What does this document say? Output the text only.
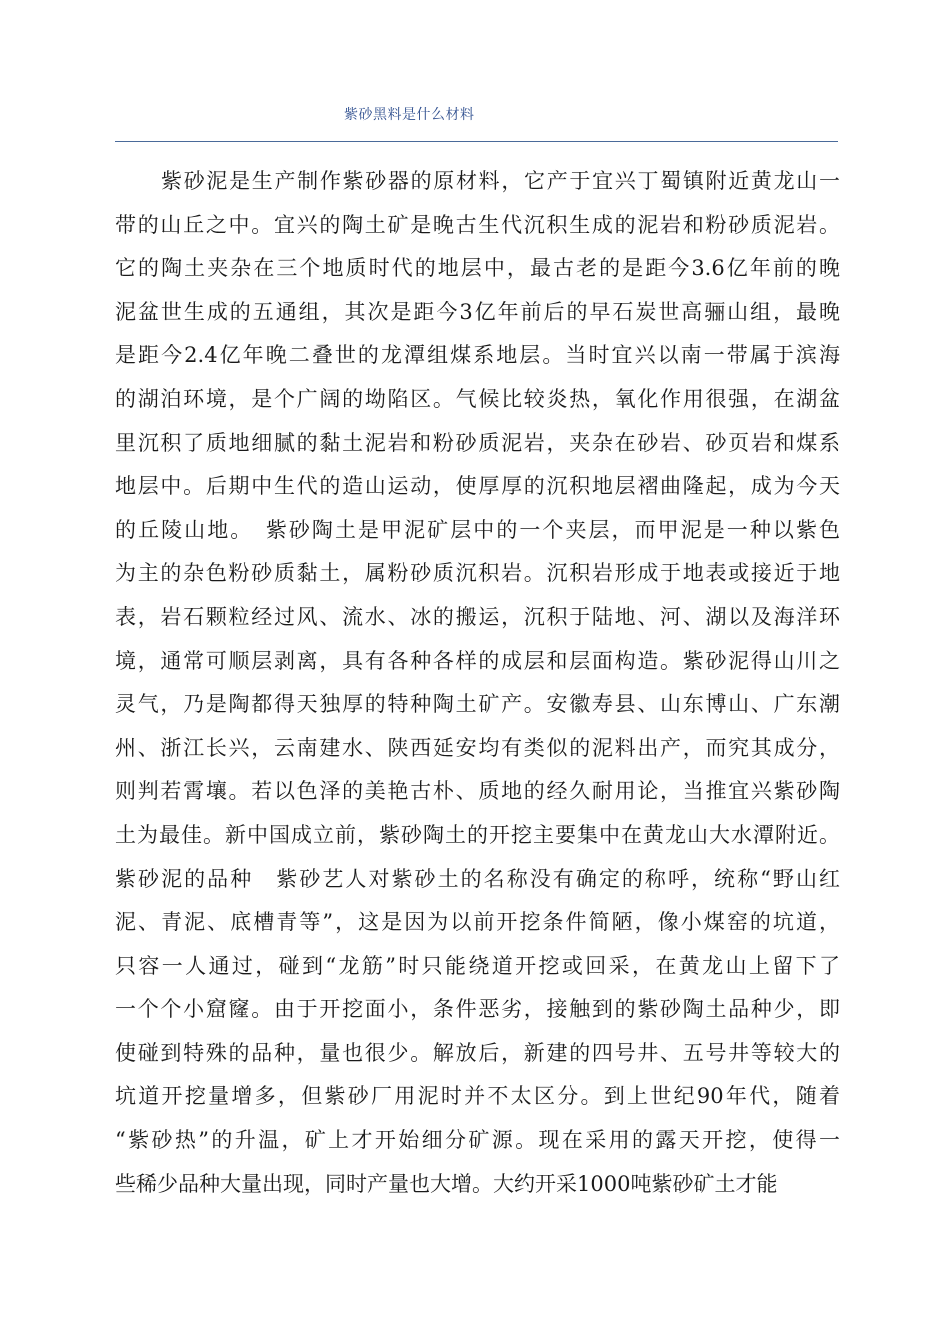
紫砂黑料是什么材料
紫砂泥是生产制作紫砂器的原材料，它产于宜兴丁蜀镇附近黄龙山一
带的山丘之中。宜兴的陶土矿是晚古生代沉积生成的泥岩和粉砂质泥岩。
它的陶土夹杂在三个地质时代的地层中，最古老的是距今3.6亿年前的晚
泥盆世生成的五通组，其次是距今3亿年前后的早石炭世高骊山组，最晚
是距今2.4亿年晚二叠世的龙潭组煤系地层。当时宜兴以南一带属于滨海
的湖泊环境，是个广阔的坳陷区。气候比较炎热，氧化作用很强，在湖盆
里沉积了质地细腻的黏土泥岩和粉砂质泥岩，夹杂在砂岩、砂页岩和煤系
地层中。后期中生代的造山运动，使厚厚的沉积地层褶曲隆起，成为今天
的丘陵山地。　紫砂陶土是甲泥矿层中的一个夹层，而甲泥是一种以紫色
为主的杂色粉砂质黏土，属粉砂质沉积岩。沉积岩形成于地表或接近于地
表，岩石颗粒经过风、流水、冰的搬运，沉积于陆地、河、湖以及海洋环
境，通常可顺层剥离，具有各种各样的成层和层面构造。紫砂泥得山川之
灵气，乃是陶都得天独厚的特种陶土矿产。安徽寿县、山东博山、广东潮
州、浙江长兴，云南建水、陕西延安均有类似的泥料出产，而究其成分，
则判若霄壤。若以色泽的美艳古朴、质地的经久耐用论，当推宜兴紫砂陶
土为最佳。新中国成立前，紫砂陶土的开挖主要集中在黄龙山大水潭附近。
紫砂泥的品种　紫砂艺人对紫砂土的名称没有确定的称呼，统称“野山红
泥、青泥、底槽青等”，这是因为以前开挖条件简陋，像小煤窑的坑道，
只容一人通过，碰到“龙筋”时只能绕道开挖或回采，在黄龙山上留下了
一个个小窟窿。由于开挖面小，条件恶劣，接触到的紫砂陶土品种少，即
使碰到特殊的品种，量也很少。解放后，新建的四号井、五号井等较大的
坑道开挖量增多，但紫砂厂用泥时并不太区分。到上世纪90年代，随着
“紫砂热”的升温，矿上才开始细分矿源。现在采用的露天开挖，使得一
些稀少品种大量出现，同时产量也大增。大约开采1000吨紫砂矿土才能
